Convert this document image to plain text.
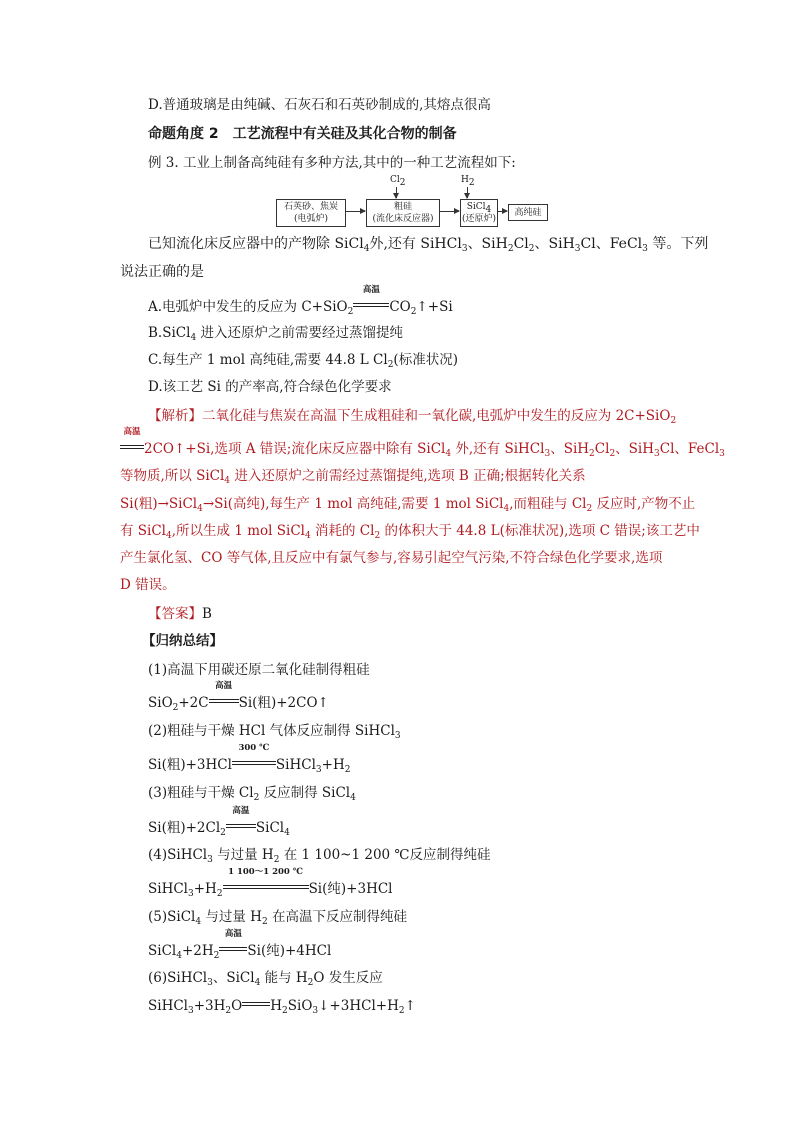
D.普通玻璃是由纯碱、石灰石和石英砂制成的,其熔点很高
命题角度 2　工艺流程中有关硅及其化合物的制备
例 3. 工业上制备高纯硅有多种方法,其中的一种工艺流程如下:
石英砂、焦炭
(电弧炉)
粗硅
(流化床反应器)
$Cl_2$
SiCl$_4$
(还原炉)
$H_2$
高纯硅
已知流化床反应器中的产物除 SiCl$_4$外,还有 SiHCl$_3$、$SiH_2Cl_2$、SiH$_3$Cl、FeCl$_3$ 等。下列
说法正确的是
A.电弧炉中发生的反应为 C+SiO$_2$
高温
$CO_2↑+Si$
B.SiCl$_4$ 进入还原炉之前需要经过蒸馏提纯
C.每生产 1 mol 高纯硅,需要 44.8 L $Cl_2$(标准状况)
D.该工艺 Si 的产率高,符合绿色化学要求
【解析】二氧化硅与焦炭在高温下生成粗硅和一氧化碳,电弧炉中发生的反应为 2C+SiO$_2$
高温
2CO↑+Si,选项 A 错误;流化床反应器中除有 SiCl$_4$ 外,还有 SiHCl$_3$、$SiH_2Cl_2$、SiH$_3$Cl、FeCl$_3$
等物质,所以 SiCl$_4$ 进入还原炉之前需经过蒸馏提纯,选项 B 正确;根据转化关系
Si(粗)→SiCl$_4$→Si(高纯),每生产 1 mol 高纯硅,需要 1 mol SiCl$_4$,而粗硅与 $Cl_2$ 反应时,产物不止
有 SiCl$_4$,所以生成 1 mol SiCl$_4$ 消耗的 $Cl_2$ 的体积大于 44.8 L(标准状况),选项 C 错误;该工艺中
产生氯化氢、CO 等气体,且反应中有氯气参与,容易引起空气污染,不符合绿色化学要求,选项
D 错误。
【答案】B
【归纳总结】
(1)高温下用碳还原二氧化硅制得粗硅
SiO$_2$+2C
高温
Si(粗)+2CO↑
(2)粗硅与干燥 HCl 气体反应制得 SiHCl$_3$
Si(粗)+3HCl
300 ℃
$SiHCl_3+H_2$
(3)粗硅与干燥 $Cl_2$ 反应制得 SiCl$_4$
Si(粗)$+2Cl_2$
高温
SiCl$_4$
(4)SiHCl$_3$ 与过量 $H_2$ 在 1 100~1 200 ℃反应制得纯硅
$SiHCl_3+H_2$
1 100～1 200 ℃
Si(纯)+3HCl
(5)SiCl$_4$ 与过量 $H_2$ 在高温下反应制得纯硅
$SiCl_4+2H_2$
高温
Si(纯)+4HCl
(6)SiHCl$_3$、SiCl$_4$ 能与 $H_2O$ 发生反应
$SiHCl_3+3H_2O$ $H_2SiO_3↓+3HCl+H_2↑$
